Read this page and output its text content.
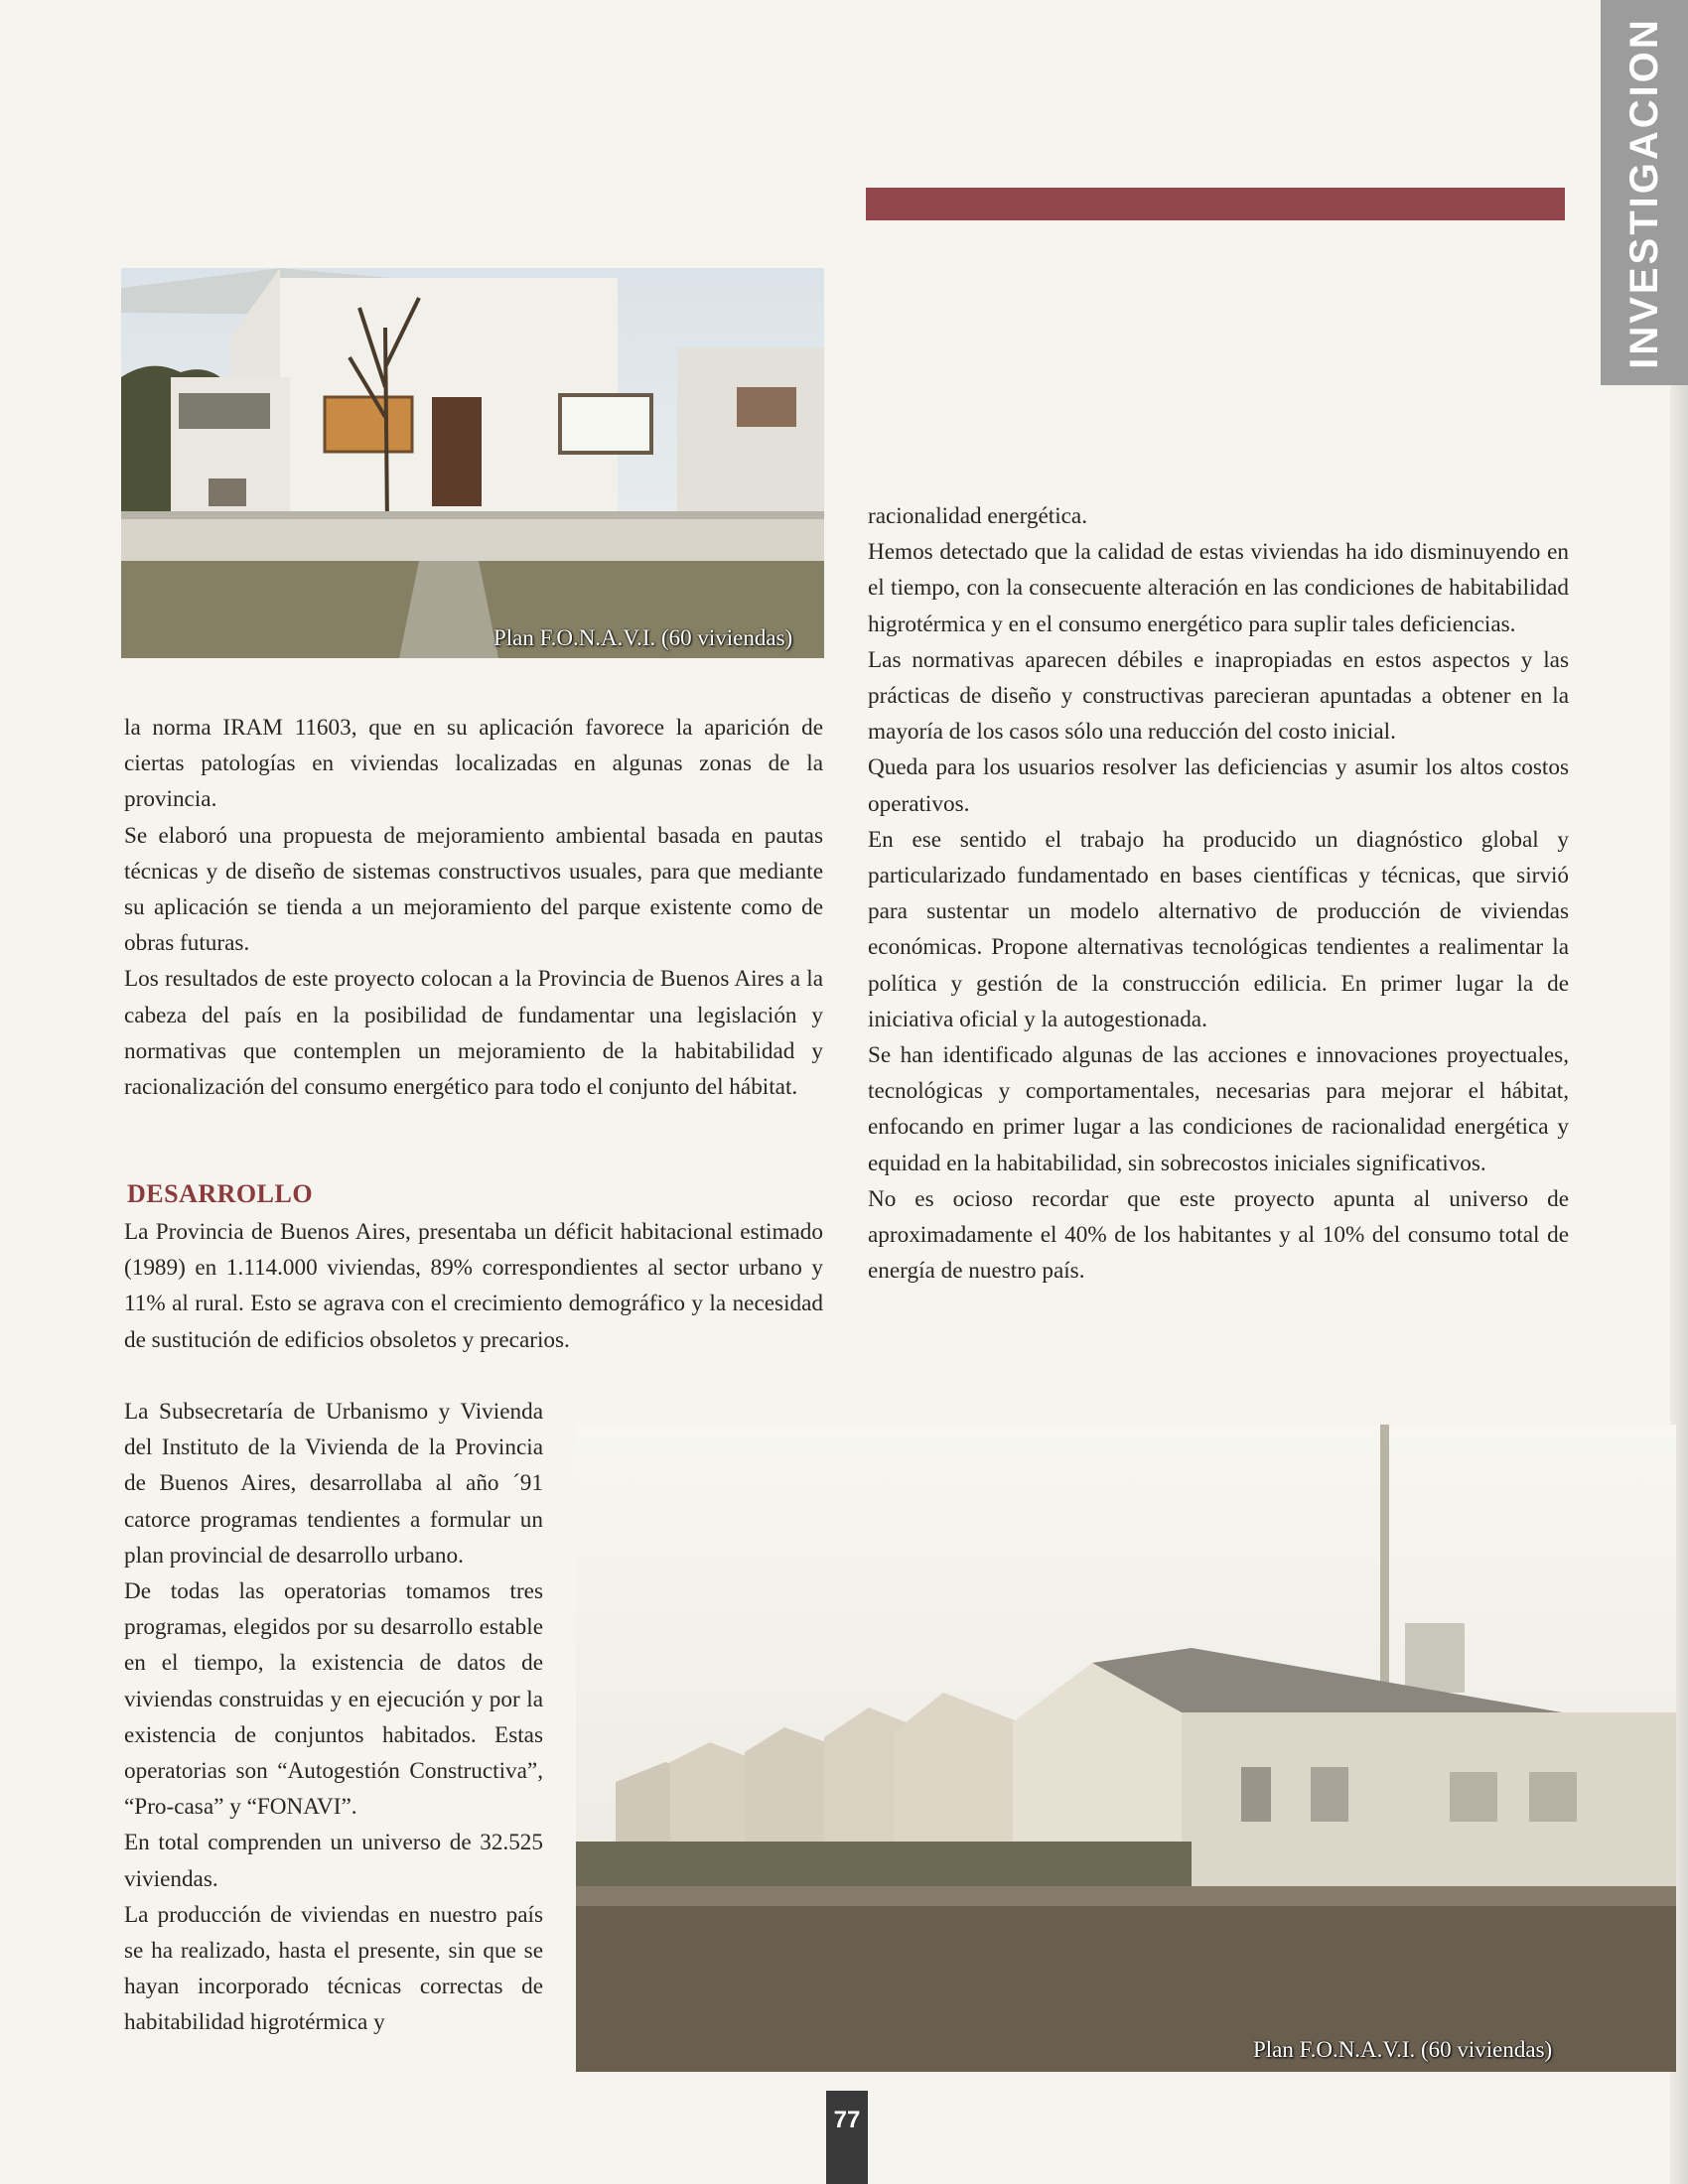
INVESTIGACION
Plan F.O.N.A.V.I. (60 viviendas)

la norma IRAM 11603, que en su aplicación favorece la aparición de ciertas patologías en viviendas localizadas en algunas zonas de la provincia.

Se elaboró una propuesta de mejoramiento ambiental basada en pautas técnicas y de diseño de sistemas constructivos usuales, para que mediante su aplicación se tienda a un mejoramiento del parque existente como de obras futuras.

Los resultados de este proyecto colocan a la Provincia de Buenos Aires a la cabeza del país en la posibilidad de fundamentar una legislación y normativas que contemplen un mejoramiento de la habitabilidad y racionalización del consumo energético para todo el conjunto del hábitat.

DESARROLLO

La Provincia de Buenos Aires, presentaba un déficit habitacional estimado (1989) en 1.114.000 viviendas, 89% correspondientes al sector urbano y 11% al rural. Esto se agrava con el crecimiento demográfico y la necesidad de sustitución de edificios obsoletos y precarios.

La Subsecretaría de Urbanismo y Vivienda del Instituto de la Vivienda de la Provincia de Buenos Aires, desarrollaba al año ´91 catorce programas tendientes a formular un plan provincial de desarrollo urbano.

De todas las operatorias tomamos tres programas, elegidos por su desarrollo estable en el tiempo, la existencia de datos de viviendas construidas y en ejecución y por la existencia de conjuntos habitados. Estas operatorias son “Autogestión Constructiva”, “Pro-casa” y “FONAVI”.

En total comprenden un universo de 32.525 viviendas.

La producción de viviendas en nuestro país se ha realizado, hasta el presente, sin que se hayan incorporado técnicas correctas de habitabilidad higrotérmica y

racionalidad energética.

Hemos detectado que la calidad de estas viviendas ha ido disminuyendo en el tiempo, con la consecuente alteración en las condiciones de habitabilidad higrotérmica y en el consumo energético para suplir tales deficiencias.

Las normativas aparecen débiles e inapropiadas en estos aspectos y las prácticas de diseño y constructivas parecieran apuntadas a obtener en la mayoría de los casos sólo una reducción del costo inicial.

Queda para los usuarios resolver las deficiencias y asumir los altos costos operativos.

En ese sentido el trabajo ha producido un diagnóstico global y particularizado fundamentado en bases científicas y técnicas, que sirvió para sustentar un modelo alternativo de producción de viviendas económicas. Propone alternativas tecnológicas tendientes a realimentar la política y gestión de la construcción edilicia. En primer lugar la de iniciativa oficial y la autogestionada.

Se han identificado algunas de las acciones e innovaciones proyectuales, tecnológicas y comportamentales, necesarias para mejorar el hábitat, enfocando en primer lugar a las condiciones de racionalidad energética y equidad en la habitabilidad, sin sobrecostos iniciales significativos.

No es ocioso recordar que este proyecto apunta al universo de aproximadamente el 40% de los habitantes y al 10% del consumo total de energía de nuestro país.

Plan F.O.N.A.V.I. (60 viviendas)
77
